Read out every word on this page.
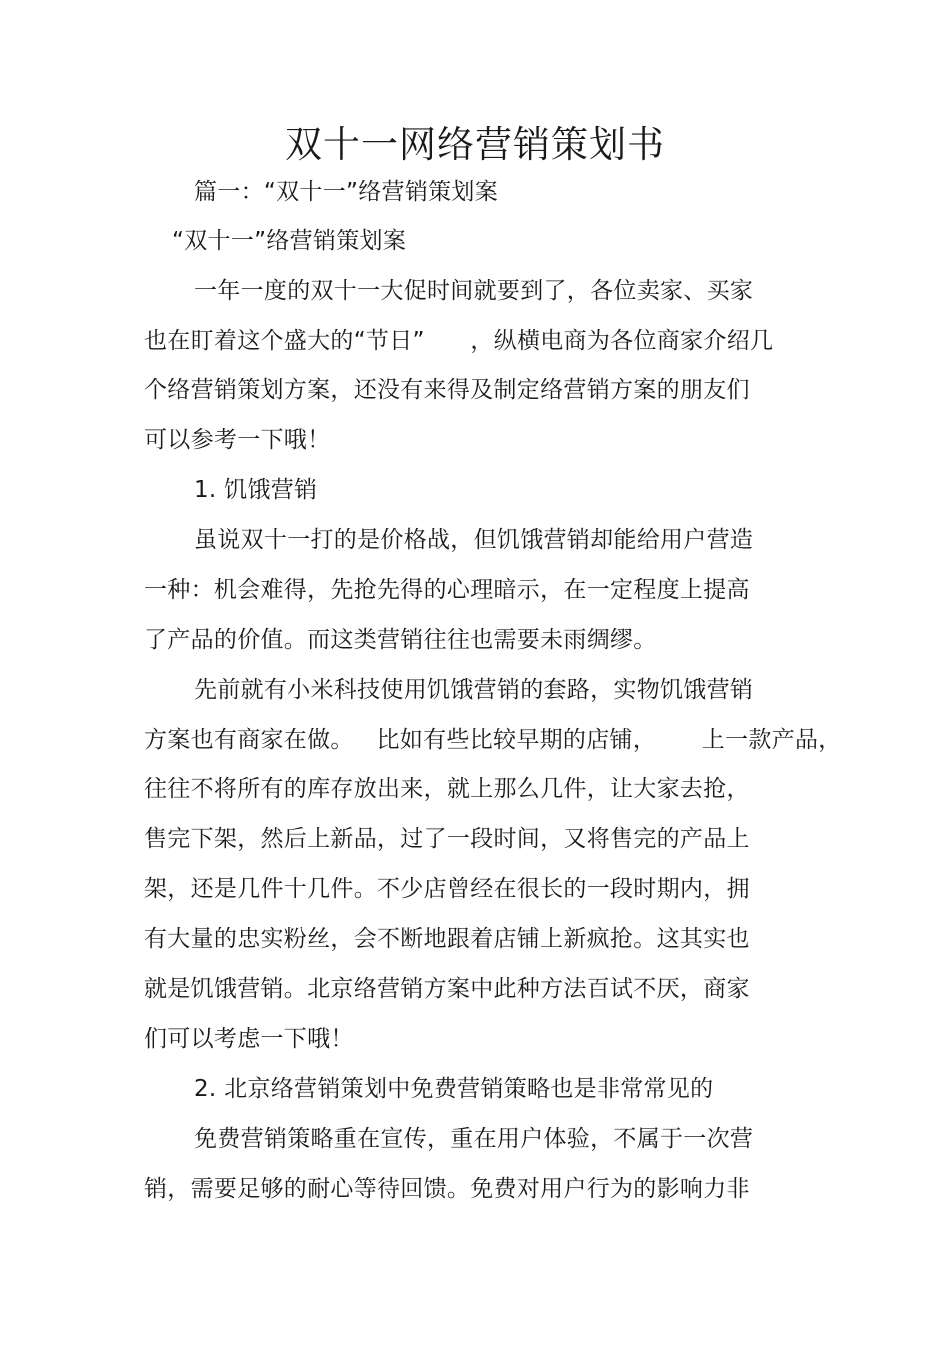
双十一网络营销策划书
篇一：“双十一”络营销策划案
“双十一”络营销策划案
一年一度的双十一大促时间就要到了，各位卖家、买家
也在盯着这个盛大的“节日”      ，纵横电商为各位商家介绍几
个络营销策划方案，还没有来得及制定络营销方案的朋友们
可以参考一下哦！
1. 饥饿营销
虽说双十一打的是价格战，但饥饿营销却能给用户营造
一种：机会难得，先抢先得的心理暗示，在一定程度上提高
了产品的价值。而这类营销往往也需要未雨绸缪。
先前就有小米科技使用饥饿营销的套路，实物饥饿营销
方案也有商家在做。   比如有些比较早期的店铺，      上一款产品，
往往不将所有的库存放出来，就上那么几件，让大家去抢，
售完下架，然后上新品，过了一段时间，又将售完的产品上
架，还是几件十几件。不少店曾经在很长的一段时期内，拥
有大量的忠实粉丝，会不断地跟着店铺上新疯抢。这其实也
就是饥饿营销。北京络营销方案中此种方法百试不厌，商家
们可以考虑一下哦！
2. 北京络营销策划中免费营销策略也是非常常见的
免费营销策略重在宣传，重在用户体验，不属于一次营
销，需要足够的耐心等待回馈。免费对用户行为的影响力非
